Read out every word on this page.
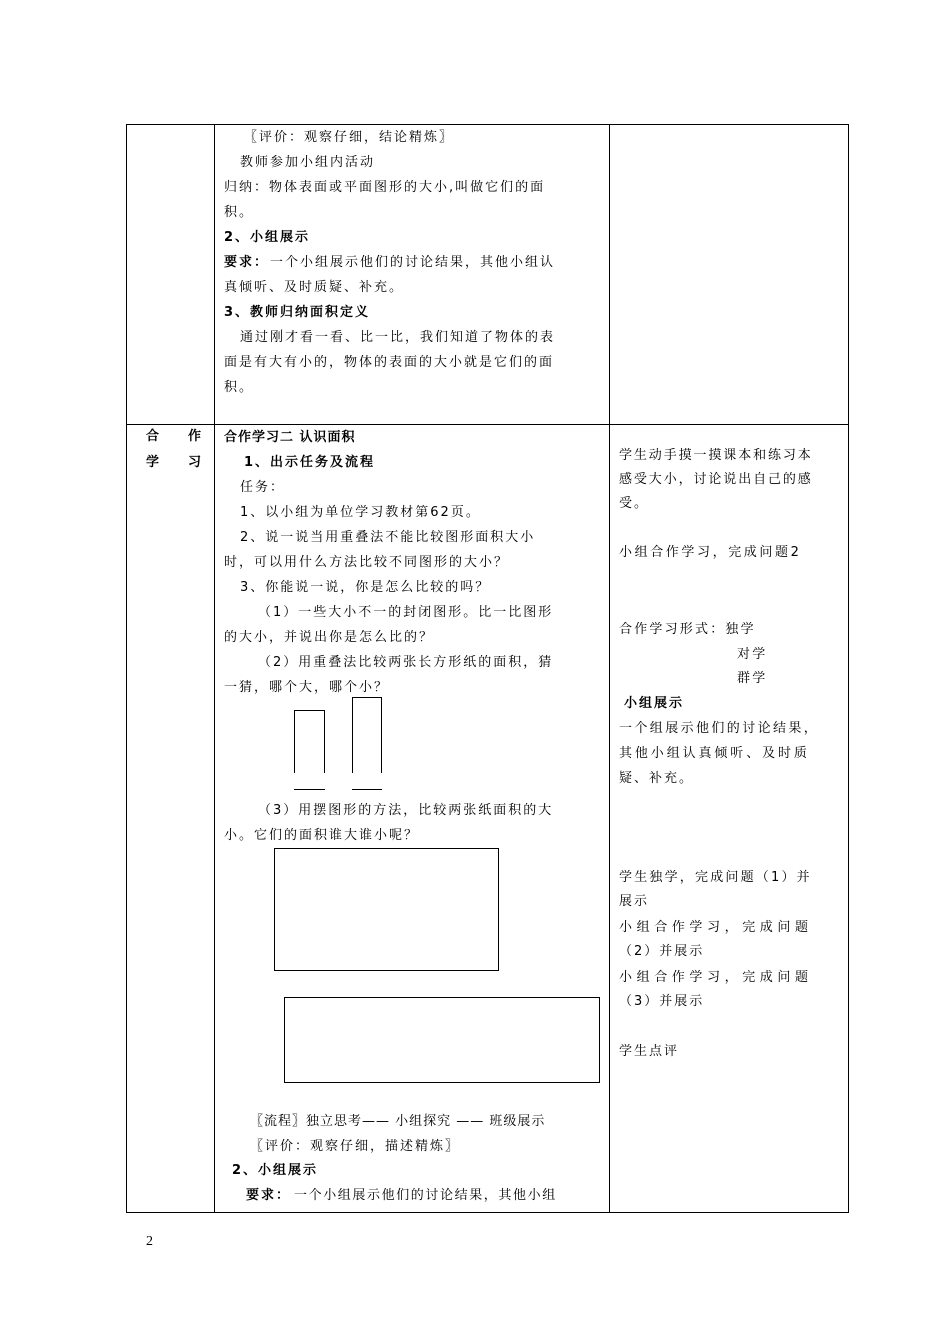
合　　作
学　　习
〖评价：观察仔细，结论精炼〗
教师参加小组内活动
归纳：物体表面或平面图形的大小,叫做它们的面
积。
2、小组展示
要求： 一个小组展示他们的讨论结果，其他小组认
真倾听、及时质疑、补充。
3、教师归纳面积定义
通过刚才看一看、比一比，我们知道了物体的表
面是有大有小的，物体的表面的大小就是它们的面
积。
合作学习二 认识面积
1、出示任务及流程
任务：
1、以小组为单位学习教材第62页。
2、说一说当用重叠法不能比较图形面积大小
时，可以用什么方法比较不同图形的大小？
3、你能说一说，你是怎么比较的吗？
（1）一些大小不一的封闭图形。比一比图形
的大小，并说出你是怎么比的？
（2）用重叠法比较两张长方形纸的面积，猜
一猜，哪个大，哪个小？
（3）用摆图形的方法，比较两张纸面积的大
小。它们的面积谁大谁小呢？
〖流程〗独立思考—— 小组探究 —— 班级展示
〖评价：观察仔细，描述精炼〗
2、小组展示
要求： 一个小组展示他们的讨论结果，其他小组
学生动手摸一摸课本和练习本
感受大小，讨论说出自己的感
受。
小组合作学习，完成问题2
合作学习形式：独学
对学
群学
小组展示
一个组展示他们的讨论结果，
其他小组认真倾听、及时质
疑、补充。
学生独学，完成问题（1）并
展示
小组合作学习，完成问题
（2）并展示
小组合作学习，完成问题
（3）并展示
学生点评
2
